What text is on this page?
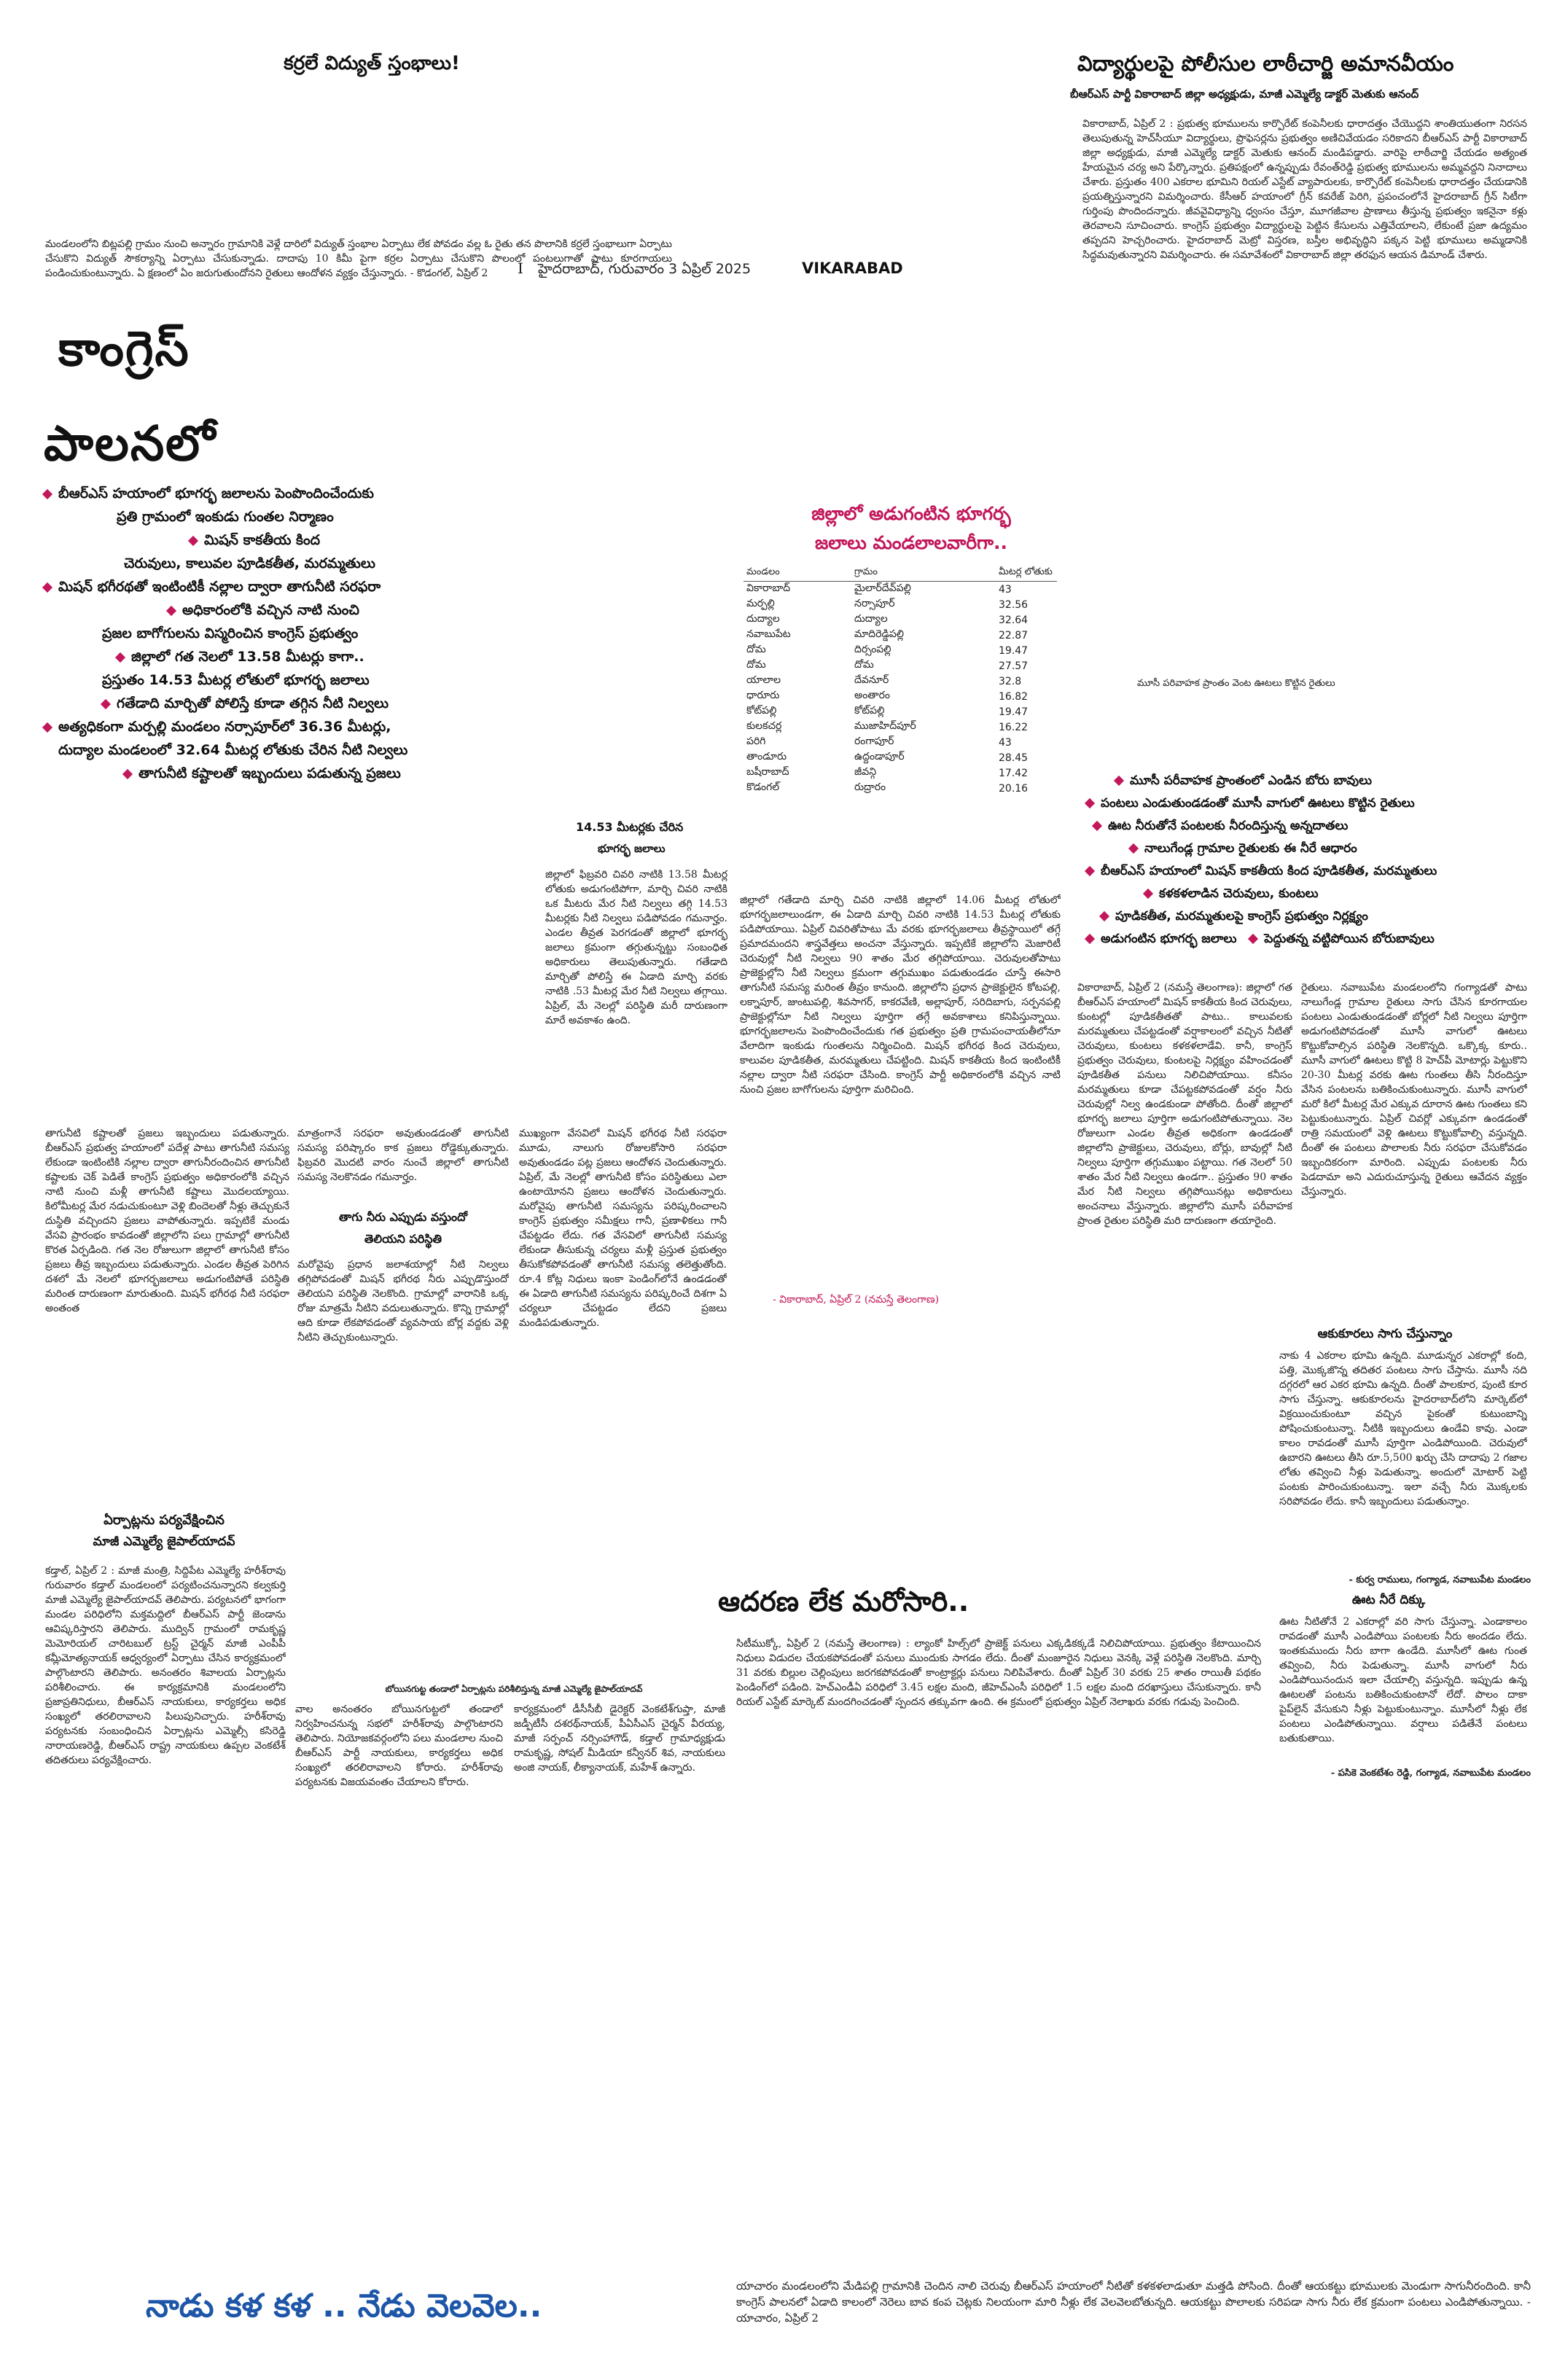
కర్రలే విద్యుత్‌ స్తంభాలు!
మండలంలోని బిట్లపల్లి గ్రామం నుంచి అన్నారం గ్రామానికి వెళ్లే దారిలో విద్యుత్‌ స్తంభాల ఏర్పాటు లేక పోవడం వల్ల ఓ రైతు తన పొలానికి కర్రలే స్తంభాలుగా ఏర్పాటు చేసుకొని విద్యుత్‌ సౌకర్యాన్ని ఏర్పాటు చేసుకున్నాడు. దాదాపు 10 కిమీ పైగా కర్రల ఏర్పాటు చేసుకొని పొలంలో పంటలుగాతో పాటు కూరగాయలు పండించుకుంటున్నారు. ఏ క్షణంలో ఏం జరుగుతుందోనని రైతులు ఆందోళన వ్యక్తం చేస్తున్నారు. - కొడంగల్‌, ఏప్రిల్‌ 2	I హైదరాబాద్‌, గురువారం 3 ఏప్రిల్‌ 2025	VIKARABAD
విద్యార్థులపై పోలీసుల లాఠీచార్జి అమానవీయం
బీఆర్‌ఎస్‌ పార్టీ వికారాబాద్‌ జిల్లా అధ్యక్షుడు, మాజీ ఎమ్మెల్యే డాక్టర్‌ మెతుకు ఆనంద్‌
వికారాబాద్‌, ఏప్రిల్‌ 2 : ప్రభుత్వ భూములను కార్పొరేట్‌ కంపెనీలకు ధారాదత్తం చేయొద్దని శాంతియుతంగా నిరసన తెలుపుతున్న హెచ్‌సీయూ విద్యార్థులు, ప్రొఫెసర్లను ప్రభుత్వం అణిచివేయడం సరికాదని బీఆర్‌ఎస్‌ పార్టీ వికారాబాద్‌ జిల్లా అధ్యక్షుడు, మాజీ ఎమ్మెల్యే డాక్టర్‌ మెతుకు ఆనంద్‌ మండిపడ్డారు. వారిపై లాఠీచార్జి చేయడం అత్యంత హేయమైన చర్య అని పేర్కొన్నారు. ప్రతిపక్షంలో ఉన్నప్పుడు రేవంత్‌రెడ్డి ప్రభుత్వ భూములను అమ్మవద్దని నినాదాలు చేశారు. ప్రస్తుతం 400 ఎకరాల భూమిని రియల్‌ ఎస్టేట్‌ వ్యాపారులకు, కార్పొరేట్‌ కంపెనీలకు ధారాదత్తం చేయడానికి ప్రయత్నిస్తున్నారని విమర్శించారు. కేసీఆర్‌ హయాంలో గ్రీన్‌ కవరేజ్‌ పెరిగి, ప్రపంచంలోనే హైదరాబాద్‌ గ్రీన్‌ సిటీగా గుర్తింపు పొందిందన్నారు. జీవవైవిధ్యాన్ని ధ్వంసం చేస్తూ, మూగజీవాల ప్రాణాలు తీస్తున్న ప్రభుత్వం ఇకనైనా కళ్లు తెరవాలని సూచించారు. కాంగ్రెస్‌ ప్రభుత్వం విద్యార్థులపై పెట్టిన కేసులను ఎత్తివేయాలని, లేకుంటే ప్రజా ఉద్యమం తప్పదని హెచ్చరించారు. హైదరాబాద్‌ మెట్రో విస్తరణ, బస్తీల అభివృద్ధిని పక్కన పెట్టి భూములు అమ్మడానికి సిద్ధమవుతున్నారని విమర్శించారు. ఈ సమావేశంలో వికారాబాద్‌ జిల్లా తరఫున ఆయన డిమాండ్‌ చేశారు.
కాంగ్రెస్‌
పాలనలో
బీఆర్‌ఎస్‌ హయాంలో భూగర్భ జలాలను పెంపొందించేందుకు
ప్రతి గ్రామంలో ఇంకుడు గుంతల నిర్మాణం
మిషన్‌ కాకతీయ కింద
చెరువులు, కాలువల పూడికతీత, మరమ్మతులు
మిషన్‌ భగీరథతో ఇంటింటికీ నల్లాల ద్వారా తాగునీటి సరఫరా
అధికారంలోకి వచ్చిన నాటి నుంచి
ప్రజల బాగోగులను విస్మరించిన కాంగ్రెస్‌ ప్రభుత్వం
జిల్లాలో గత నెలలో 13.58 మీటర్లు కాగా..
ప్రస్తుతం 14.53 మీటర్ల లోతులో భూగర్భ జలాలు
గతేడాది మార్చితో పోలిస్తే కూడా తగ్గిన నీటి నిల్వలు
అత్యధికంగా మర్పల్లి మండలం నర్సాపూర్‌లో 36.36 మీటర్లు,
దుద్యాల మండలంలో 32.64 మీటర్ల లోతుకు చేరిన నీటి నిల్వలు
తాగునీటి కష్టాలతో ఇబ్బందులు పడుతున్న ప్రజలు
తాగునీటి కష్టాలతో ప్రజలు ఇబ్బందులు పడుతున్నారు. బీఆర్‌ఎస్‌ ప్రభుత్వ హయాంలో పదేళ్ల పాటు తాగునీటి సమస్య లేకుండా ఇంటింటికి నల్లాల ద్వారా తాగునీరందించిన తాగునీటి కష్టాలకు చెక్‌ పెడితే కాంగ్రెస్‌ ప్రభుత్వం అధికారంలోకి వచ్చిన నాటి నుంచి మళ్లీ తాగునీటి కష్టాలు మొదలయ్యాయి. కిలోమీటర్ల మేర నడుచుకుంటూ వెళ్లి బిందెలతో నీళ్లు తెచ్చుకునే దుస్థితి వచ్చిందని ప్రజలు వాపోతున్నారు. ఇప్పటికే మండు వేసవి ప్రారంభం కావడంతో జిల్లాలోని పలు గ్రామాల్లో తాగునీటి కొరత ఏర్పడింది. గత నెల రోజులుగా జిల్లాలో తాగునీటి కోసం ప్రజలు తీవ్ర ఇబ్బందులు పడుతున్నారు. ఎండల తీవ్రత పెరిగిన దశలో మే నెలలో భూగర్భజలాలు అడుగంటిపోతే పరిస్థితి మరింత దారుణంగా మారుతుంది. మిషన్‌ భగీరథ నీటి సరఫరా అంతంత
మాత్రంగానే సరఫరా అవుతుండడంతో తాగునీటి సమస్య పరిష్కారం కాక ప్రజలు రోడ్డెక్కుతున్నారు. ఫిబ్రవరి మొదటి వారం నుంచే జిల్లాలో తాగునీటి సమస్య నెలకొనడం గమనార్హం.
తాగు నీరు ఎప్పుడు వస్తుందో
తెలియని పరిస్థితి
మరోవైపు ప్రధాన జలాశయాల్లో నీటి నిల్వలు తగ్గిపోవడంతో మిషన్‌ భగీరథ నీరు ఎప్పుడొస్తుందో తెలియని పరిస్థితి నెలకొంది. గ్రామాల్లో వారానికి ఒక్క రోజు మాత్రమే నీటిని వదులుతున్నారు. కొన్ని గ్రామాల్లో ఆది కూడా లేకపోవడంతో వ్యవసాయ బోర్ల వద్దకు వెళ్లి నీటిని తెచ్చుకుంటున్నారు.
ముఖ్యంగా వేసవిలో మిషన్‌ భగీరథ నీటి సరఫరా మూడు, నాలుగు రోజులకోసారి సరఫరా అవుతుండడం పట్ల ప్రజలు ఆందోళన చెందుతున్నారు. ఏప్రిల్‌, మే నెలల్లో తాగునీటి కోసం పరిస్థితులు ఎలా ఉంటాయోనని ప్రజలు ఆందోళన చెందుతున్నారు. మరోవైపు తాగునీటి సమస్యను పరిష్కరించాలని కాంగ్రెస్‌ ప్రభుత్వం సమీక్షలు గానీ, ప్రణాళికలు గానీ చేపట్టడం లేదు. గత వేసవిలో తాగునీటి సమస్య లేకుండా తీసుకున్న చర్యలు మళ్లీ ప్రస్తుత ప్రభుత్వం తీసుకోకపోవడంతో తాగునీటి సమస్య తలెత్తుతోంది. రూ.4 కోట్ల నిధులు ఇంకా పెండింగ్‌లోనే ఉండడంతో ఈ ఏడాది తాగునీటి సమస్యను పరిష్కరించే దిశగా ఏ చర్యలూ చేపట్టడం లేదని ప్రజలు మండిపడుతున్నారు.
14.53 మీటర్లకు చేరిన
భూగర్భ జలాలు
జిల్లాలో ఫిబ్రవరి చివరి నాటికి 13.58 మీటర్ల లోతుకు అడుగంటిపోగా, మార్చి చివరి నాటికి ఒక మీటరు మేర నీటి నిల్వలు తగ్గి 14.53 మీటర్లకు నీటి నిల్వలు పడిపోవడం గమనార్హం. ఎండల తీవ్రత పెరగడంతో జిల్లాలో భూగర్భ జలాలు క్రమంగా తగ్గుతున్నట్టు సంబంధిత అధికారులు తెలుపుతున్నారు. గతేడాది మార్చితో పోలిస్తే ఈ ఏడాది మార్చి వరకు నాటికి .53 మీటర్ల మేర నీటి నిల్వలు తగ్గాయి. ఏప్రిల్‌, మే నెలల్లో పరిస్థితి మరీ దారుణంగా మారే అవకాశం ఉంది.
జిల్లాలో గతేడాది మార్చి చివరి నాటికి జిల్లాలో 14.06 మీటర్ల లోతులో భూగర్భజలాలుండగా, ఈ ఏడాది మార్చి చివరి నాటికి 14.53 మీటర్ల లోతుకు పడిపోయాయి. ఏప్రిల్‌ చివరితోపాటు మే వరకు భూగర్భజలాలు తీవ్రస్థాయిలో తగ్గే ప్రమాదమందని శాస్త్రవేత్తలు అంచనా వేస్తున్నారు. ఇప్పటికే జిల్లాలోని మెజారిటీ చెరువుల్లో నీటి నిల్వలు 90 శాతం మేర తగ్గిపోయాయి. చెరువులతోపాటు ప్రాజెక్టుల్లోని నీటి నిల్వలు క్రమంగా తగ్గుముఖం పడుతుండడం చూస్తే ఈసారి తాగునీటి సమస్య మరింత తీవ్రం కానుంది. జిల్లాలోని ప్రధాన ప్రాజెక్టులైన కోటపల్లి, లక్నాపూర్‌, జుంటుపల్లి, శివసాగర్‌, కాకరవేణి, అల్లాపూర్‌, సరిదిబాగు, సర్పనపల్లి ప్రాజెక్టుల్లోనూ నీటి నిల్వలు పూర్తిగా తగ్గే అవకాశాలు కనిపిస్తున్నాయి. భూగర్భజలాలను పెంపొందించేందుకు గత ప్రభుత్వం ప్రతి గ్రామపంచాయతీలోనూ వేలాదిగా ఇంకుడు గుంతలను నిర్మించింది. మిషన్‌ భగీరథ కింద చెరువులు, కాలువల పూడికతీత, మరమ్మతులు చేపట్టింది. మిషన్‌ కాకతీయ కింద ఇంటింటికీ నల్లాల ద్వారా నీటి సరఫరా చేసింది. కాంగ్రెస్‌ పార్టీ అధికారంలోకి వచ్చిన నాటి నుంచి ప్రజల బాగోగులను పూర్తిగా మరిచింది.
- వికారాబాద్‌, ఏప్రిల్‌ 2 (నమస్తే తెలంగాణ)
జిల్లాలో అడుగంటిన భూగర్భ
జలాలు మండలాలవారీగా..
మండలం	గ్రామం	మీటర్ల లోతుకు
వికారాబాద్‌	మైలార్‌దేవ్‌పల్లి	43
మర్పల్లి	నర్సాపూర్‌	32.56
దుద్యాల	దుద్యాల	32.64
నవాబుపేట	మాదిరెడ్డిపల్లి	22.87
దోమ	దిర్సంపల్లి	19.47
దోమ	దోమ	27.57
యాలాల	దేవనూర్‌	32.8
ధారూరు	అంతారం	16.82
కోట్‌పల్లి	కోట్‌పల్లి	19.47
కులకచర్ల	ముజాహిద్‌పూర్‌	16.22
పరిగి	రంగాపూర్‌	43
తాండూరు	ఉద్దండాపూర్‌	28.45
బషీరాబాద్‌	జీవన్గి	17.42
కొడంగల్‌	రుద్రారం	20.16
మూసీ పరివాహక ప్రాంతం వెంట ఊటలు కొట్టిన రైతులు
మూసీ పరీవాహక ప్రాంతంలో ఎండిన బోరు బావులు
పంటలు ఎండుతుండడంతో మూసీ వాగులో ఊటలు కొట్టిన రైతులు
ఊట నీరుతోనే పంటలకు నీరందిస్తున్న అన్నదాతలు
నాలుగేండ్ల గ్రామాల రైతులకు ఈ నీరే ఆధారం
బీఆర్‌ఎస్‌ హయాంలో మిషన్‌ కాకతీయ కింద పూడికతీత, మరమ్మతులు
కళకళలాడిన చెరువులు, కుంటలు
పూడికతీత, మరమ్మతులపై కాంగ్రెస్‌ ప్రభుత్వం నిర్లక్ష్యం
అడుగంటిన భూగర్భ జలాలు పెద్దుతన్న వట్టిపోయిన బోరుబావులు
వికారాబాద్‌, ఏప్రిల్‌ 2 (నమస్తే తెలంగాణ): జిల్లాలో గత బీఆర్‌ఎస్‌ హయాంలో మిషన్‌ కాకతీయ కింద చెరువులు, కుంటల్లో పూడికతీతతో పాటు.. కాలువలకు మరమ్మతులు చేపట్టడంతో వర్షాకాలంలో వచ్చిన నీటితో చెరువులు, కుంటలు కళకళలాడేవి. కానీ, కాంగ్రెస్‌ ప్రభుత్వం చెరువులు, కుంటలపై నిర్లక్ష్యం వహించడంతో పూడికతీత పనులు నిలిచిపోయాయి. కనీసం మరమ్మతులు కూడా చేపట్టకపోవడంతో వర్షం నీరు చెరువుల్లో నిల్వ ఉండకుండా పోతోంది. దీంతో జిల్లాలో భూగర్భ జలాలు పూర్తిగా అడుగంటిపోతున్నాయి. నెల రోజులుగా ఎండల తీవ్రత అధికంగా ఉండడంతో జిల్లాలోని ప్రాజెక్టులు, చెరువులు, బోర్లు, బావుల్లో నీటి నిల్వలు పూర్తిగా తగ్గుముఖం పట్టాయి. గత నెలలో 50 శాతం మేర నీటి నిల్వలు ఉండగా.. ప్రస్తుతం 90 శాతం మేర నీటి నిల్వలు తగ్గిపోయినట్లు అధికారులు అంచనాలు వేస్తున్నారు. జిల్లాలోని మూసీ పరీవాహక ప్రాంత రైతుల పరిస్థితి మరి దారుణంగా తయారైంది.
రైతులు. నవాబుపేట మండలంలోని గంగ్యాడతో పాటు నాలుగేండ్ల గ్రామాల రైతులు సాగు చేసిన కూరగాయల పంటలు ఎండుతుండడంతో బోర్లలో నీటి నిల్వలు పూర్తిగా అడుగంటిపోవడంతో మూసీ వాగులో ఊటలు కొట్టుకోవాల్సిన పరిస్థితి నెలకొన్నది. ఒక్కొక్క కూరు.. మూసీ వాగులో ఊటలు కొట్టి 8 హెచ్‌పీ మోటార్లు పెట్టుకొని 20-30 మీటర్ల వరకు ఊట గుంతలు తీసి నీరందిస్తూ వేసిన పంటలను బతికించుకుంటున్నారు. మూసీ వాగులో మరో కిలో మీటర్ల మేర ఎక్కువ దూరాన ఊట గుంతలు కని పెట్టుకుంటున్నారు. ఏప్రిల్‌ చివర్లో ఎక్కువగా ఉండడంతో రాత్రి సమయంలో వెళ్లి ఊటలు కొట్టుకోవాల్సి వస్తున్నది. దీంతో ఈ పంటలు పొలాలకు నీరు సరఫరా చేసుకోవడం ఇబ్బందికరంగా మారింది. ఎప్పుడు పంటలకు నీరు పెడదామా అని ఎదురుచూస్తున్న రైతులు ఆవేదన వ్యక్తం చేస్తున్నారు.
ఆకుకూరలు సాగు చేస్తున్నాం
నాకు 4 ఎకరాల భూమి ఉన్నది. మూడున్నర ఎకరాల్లో కంది, పత్తి, మొక్కజొన్న తదితర పంటలు సాగు చేస్తాను. మూసీ నది దగ్గరలో ఆర ఎకర భూమి ఉన్నది. దీంతో పాలకూర, పుంటి కూర సాగు చేస్తున్నా. ఆకుకూరలను హైదరాబాద్‌లోని మార్కెట్‌లో విక్రయించుకుంటూ వచ్చిన పైకంతో కుటుంబాన్ని పోషించుకుంటున్నా. నీటికి ఇబ్బందులు ఉండేవి కావు. ఎండా కాలం రావడంతో మూసీ పూర్తిగా ఎండిపోయింది. చెరువులో ఉబారని ఊటలు తీసి రూ.5,500 ఖర్చు చేసి దాదాపు 2 గజాల లోతు తవ్వించి నీళ్లు పెడుతున్నా. అందులో మోటార్‌ పెట్టి పంటకు పారించుకుంటున్నా. ఇలా వచ్చే నీరు మొక్కలకు సరిపోవడం లేదు. కానీ ఇబ్బందులు పడుతున్నాం.
- కుర్వ రాములు, గంగ్యాడ, నవాబుపేట మండలం
ఊట నీరే దిక్కు
ఊట నీటితోనే 2 ఎకరాల్లో వరి సాగు చేస్తున్నా. ఎండాకాలం రావడంతో మూసీ ఎండిపోయి పంటలకు నీరు అందడం లేదు. ఇంతకుముందు నీరు బాగా ఉండేది. మూసీలో ఊట గుంత తవ్వించి, నీరు పెడుతున్నా. మూసీ వాగులో నీరు ఎండిపోయినందున ఇలా చేయాల్సి వస్తున్నది. ఇప్పుడు ఉన్న ఊటలతో పంటను బతికించుకుంటానో లేదో. పొలం దాకా పైప్‌లైన్‌ వేసుకుని నీళ్లు పెట్టుకుంటున్నాం. మూసీలో నీళ్లు లేక పంటలు ఎండిపోతున్నాయి. వర్షాలు పడితేనే పంటలు బతుకుతాయి.
- పసికె వెంకటేశం రెడ్డి, గంగ్యాడ, నవాబుపేట మండలం
ఏర్పాట్లను పర్యవేక్షించిన
మాజీ ఎమ్మెల్యే జైపాల్‌యాదవ్‌
కడ్తాల్‌, ఏప్రిల్‌ 2 : మాజీ మంత్రి, సిద్దిపేట ఎమ్మెల్యే హరీశ్‌రావు గురువారం కడ్తాల్‌ మండలంలో పర్యటించనున్నారని కల్వకుర్తి మాజీ ఎమ్మెల్యే జైపాల్‌యాదవ్‌ తెలిపారు. పర్యటనలో భాగంగా మండల పరిధిలోని మక్తమద్దిలో బీఆర్‌ఎస్‌ పార్టీ జెండాను ఆవిష్కరిస్తారని తెలిపారు. ముద్విన్‌ గ్రామంలో రామకృష్ణ మెమోరియల్‌ చారిటబుల్‌ ట్రస్ట్‌ చైర్మన్‌ మాజీ ఎంపీపీ కమ్లీమోత్యనాయక్‌ ఆధ్వర్యంలో ఏర్పాటు చేసిన కార్యక్రమంలో పాల్గొంటారని తెలిపారు. అనంతరం శివాలయ ఏర్పాట్లను పరిశీలించారు. ఈ కార్యక్రమానికి మండలంలోని ప్రజాప్రతినిధులు, బీఆర్‌ఎస్‌ నాయకులు, కార్యకర్తలు అధిక సంఖ్యలో తరలిరావాలని పిలుపునిచ్చారు. హరీశ్‌రావు పర్యటనకు సంబంధించిన ఏర్పాట్లను ఎమ్మెల్సీ కసిరెడ్డి నారాయణరెడ్డి, బీఆర్‌ఎస్‌ రాష్ట్ర నాయకులు ఉప్పల వెంకటేశ్‌ తదితరులు పర్యవేక్షించారు.
బోయినగుట్ట తండాలో ఏర్పాట్లను పరిశీలిస్తున్న మాజీ ఎమ్మెల్యే జైపాల్‌యాదవ్‌
వాల అనంతరం బోయినగుట్టలో తండాలో నిర్వహించనున్న సభలో హరీశ్‌రావు పాల్గొంటారని తెలిపారు. నియోజకవర్గంలోని పలు మండలాల నుంచి బీఆర్‌ఎస్‌ పార్టీ నాయకులు, కార్యకర్తలు అధిక సంఖ్యలో తరలిరావాలని కోరారు. హరీశ్‌రావు పర్యటనకు విజయవంతం చేయాలని కోరారు.
కార్యక్రమంలో డీసీసీబీ డైరెక్టర్‌ వెంకటేశ్‌గుప్తా, మాజీ జడ్పీటీసీ దశరథ్‌నాయక్‌, పీఏసీఎస్‌ చైర్మన్‌ వీరయ్య, మాజీ సర్పంచ్‌ నర్సింహాగౌడ్‌, కడ్తాల్‌ గ్రామాధ్యక్షుడు రామకృష్ణ, సోషల్‌ మీడియా కన్వీనర్‌ శివ, నాయకులు అంజి నాయక్‌, లీక్యానాయక్‌, మహేశ్‌ ఉన్నారు.
ఆదరణ లేక మరోసారి..
సిటీముక్కో, ఏప్రిల్‌ 2 (నమస్తే తెలంగాణ) : ల్యాంకో హిల్స్‌లో ప్రాజెక్ట్‌ పనులు ఎక్కడికక్కడే నిలిచిపోయాయి. ప్రభుత్వం కేటాయించిన నిధులు విడుదల చేయకపోవడంతో పనులు ముందుకు సాగడం లేదు. దీంతో మంజూరైన నిధులు వెనక్కి వెళ్లే పరిస్థితి నెలకొంది. మార్చి 31 వరకు బిల్లుల చెల్లింపులు జరగకపోవడంతో కాంట్రాక్టర్లు పనులు నిలిపివేశారు. దీంతో ఏప్రిల్‌ 30 వరకు 25 శాతం రాయితీ పథకం పెండింగ్‌లో పడింది. హెచ్‌ఎండీఏ పరిధిలో 3.45 లక్షల మంది, జీహెచ్‌ఎంసీ పరిధిలో 1.5 లక్షల మంది దరఖాస్తులు చేసుకున్నారు. కానీ రియల్‌ ఎస్టేట్‌ మార్కెట్‌ మందగించడంతో స్పందన తక్కువగా ఉంది. ఈ క్రమంలో ప్రభుత్వం ఏప్రిల్‌ నెలాఖరు వరకు గడువు పెంచింది.
నాడు కళ కళ .. నేడు వెలవెల..
యాచారం మండలంలోని మేడిపల్లి గ్రామానికి చెందిన నాలి చెరువు బీఆర్‌ఎస్‌ హయాంలో నీటితో కళకళలాడుతూ మత్తడి పోసింది. దీంతో ఆయకట్టు భూములకు మెండుగా సాగునీరందింది. కానీ కాంగ్రెస్‌ పాలనలో ఏడాది కాలంలో నెరెలు బావ కంప చెట్లకు నిలయంగా మారి నీళ్లు లేక వెలవెలబోతున్నది. ఆయకట్టు పొలాలకు సరిపడా సాగు నీరు లేక క్రమంగా పంటలు ఎండిపోతున్నాయి. - యాచారం, ఏప్రిల్‌ 2
